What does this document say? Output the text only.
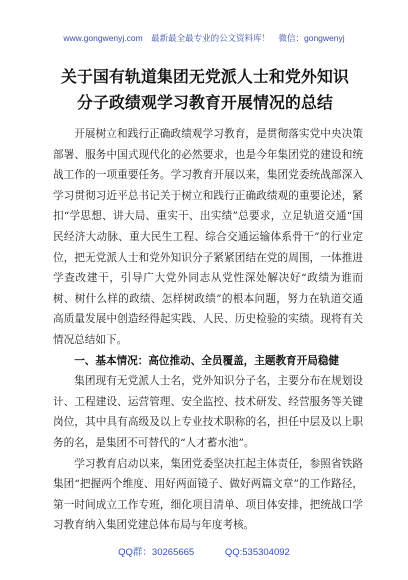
www.gongwenyj.com 最新最全最专业的公文资料库！ 微信：gongwenyj
关于国有轨道集团无党派人士和党外知识
分子政绩观学习教育开展情况的总结

开展树立和践行正确政绩观学习教育，是贯彻落实党中央决策部署、服务中国式现代化的必然要求，也是今年集团党的建设和统战工作的一项重要任务。学习教育开展以来，集团党委统战部深入学习贯彻习近平总书记关于树立和践行正确政绩观的重要论述，紧扣“学思想、讲大局、重实干、出实绩”总要求，立足轨道交通“国民经济大动脉、重大民生工程、综合交通运输体系骨干”的行业定位，把无党派人士和党外知识分子紧紧团结在党的周围，一体推进学查改建干，引导广大党外同志从党性深处解决好“政绩为谁而树、树什么样的政绩、怎样树政绩”的根本问题，努力在轨道交通高质量发展中创造经得起实践、人民、历史检验的实绩。现将有关情况总结如下。

一、基本情况：高位推动、全员覆盖，主题教育开局稳健

集团现有无党派人士名，党外知识分子名，主要分布在规划设计、工程建设、运营管理、安全监控、技术研发、经营服务等关键岗位，其中具有高级及以上专业技术职称的名，担任中层及以上职务的名，是集团不可替代的“人才蓄水池”。

学习教育启动以来，集团党委坚决扛起主体责任，参照省铁路集团“把握两个维度、用好两面镜子、做好两篇文章”的工作路径，第一时间成立工作专班，细化项目清单、项目体安排，把统战口学习教育纳入集团党建总体布局与年度考核。

QQ群：30265665	QQ:535304092
